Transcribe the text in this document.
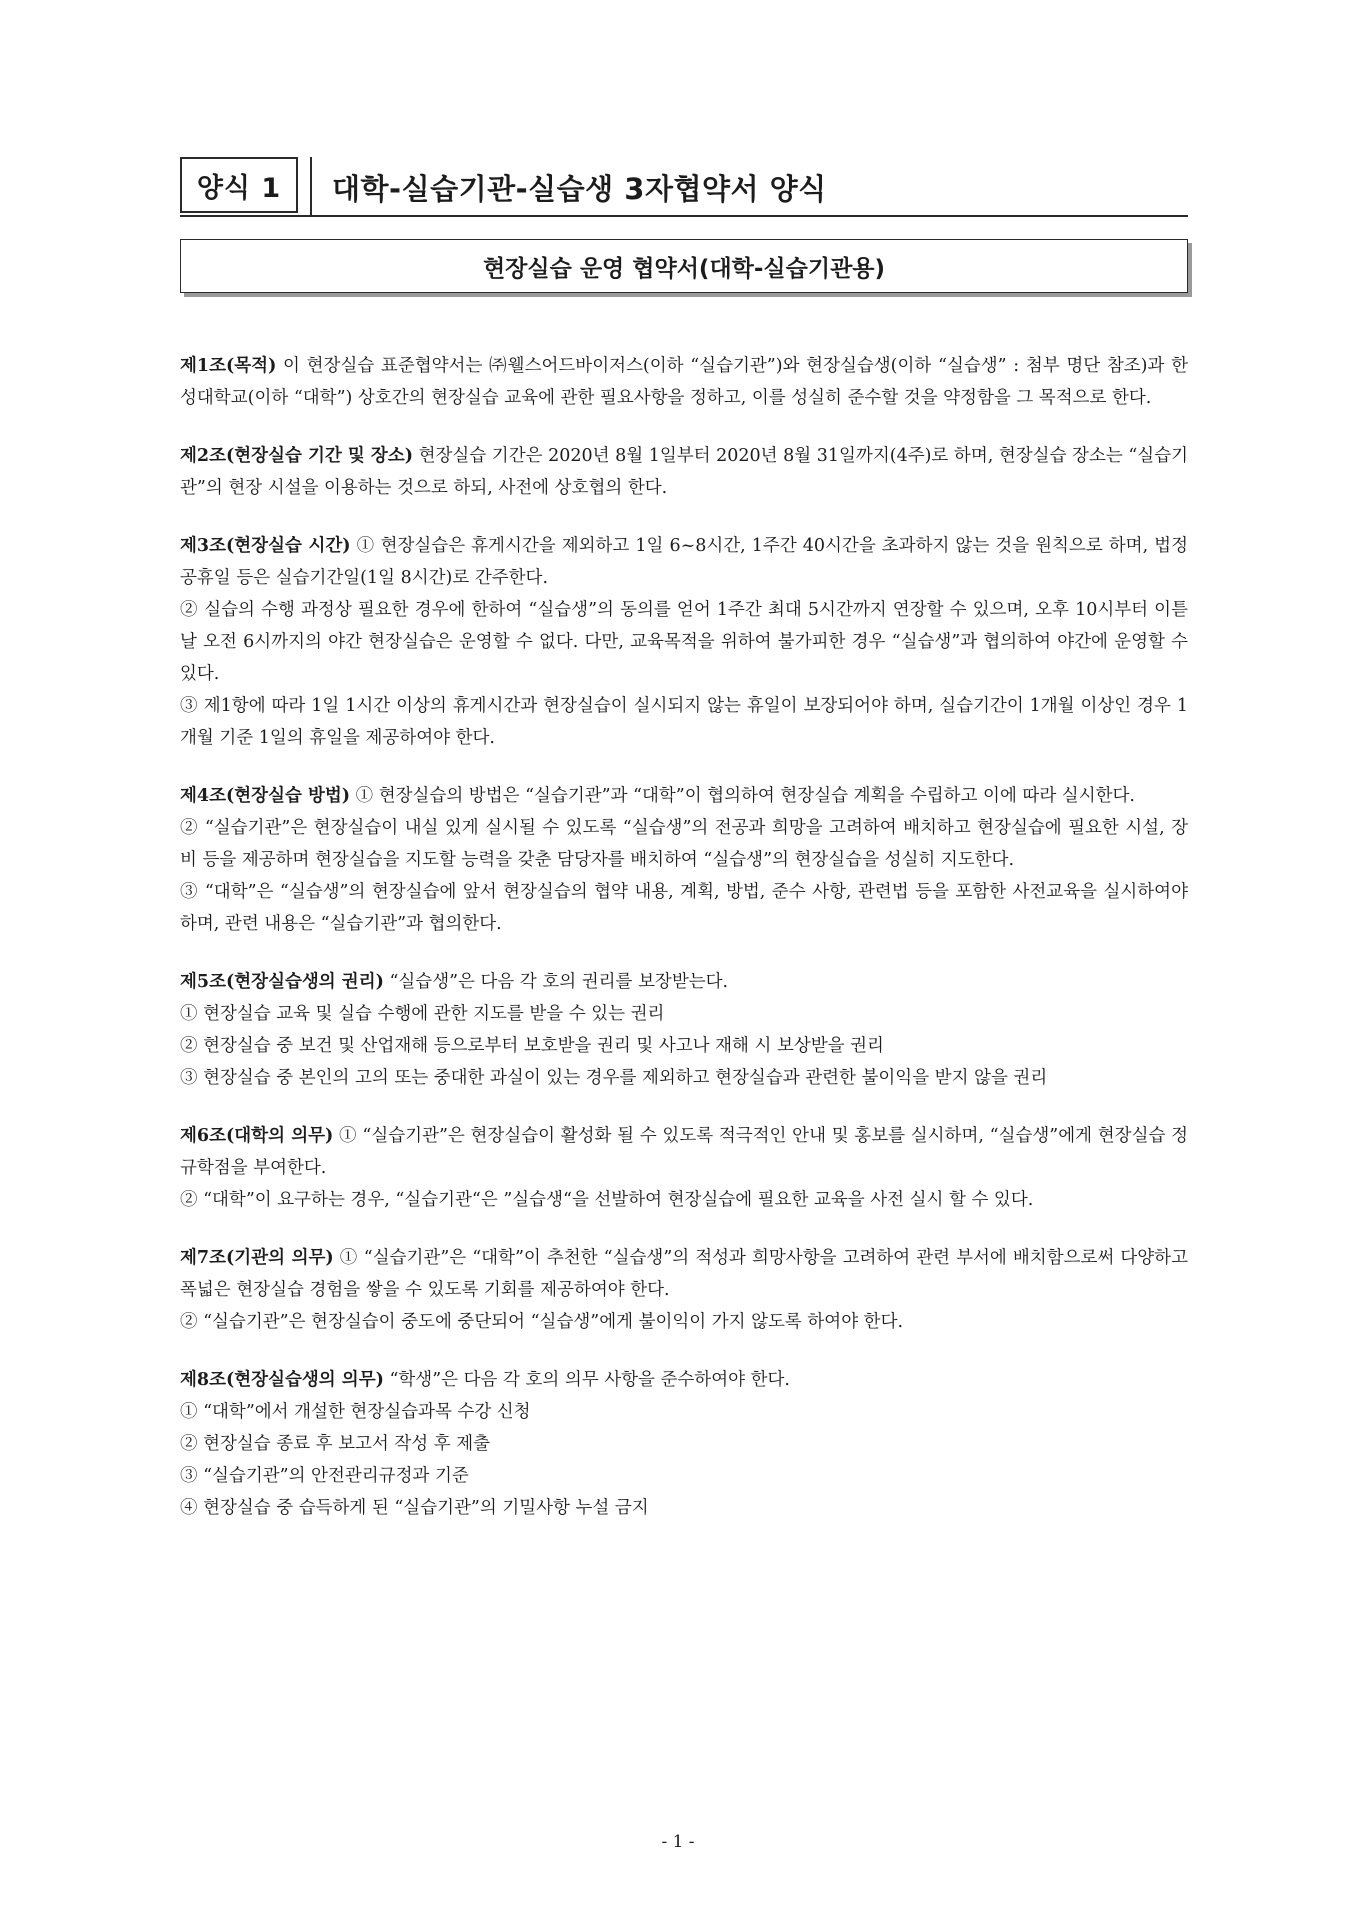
양식 1	대학-실습기관-실습생 3자협약서 양식
현장실습 운영 협약서(대학-실습기관용)

제1조(목적) 이 현장실습 표준협약서는 ㈜웰스어드바이저스(이하 “실습기관”)와 현장실습생(이하 “실습생” : 첨부 명단 참조)과 한성대학교(이하 “대학”) 상호간의 현장실습 교육에 관한 필요사항을 정하고, 이를 성실히 준수할 것을 약정함을 그 목적으로 한다.

제2조(현장실습 기간 및 장소) 현장실습 기간은 2020년 8월 1일부터 2020년 8월 31일까지(4주)로 하며, 현장실습 장소는 “실습기관”의 현장 시설을 이용하는 것으로 하되, 사전에 상호협의 한다.

제3조(현장실습 시간) ① 현장실습은 휴게시간을 제외하고 1일 6~8시간, 1주간 40시간을 초과하지 않는 것을 원칙으로 하며, 법정 공휴일 등은 실습기간일(1일 8시간)로 간주한다.

② 실습의 수행 과정상 필요한 경우에 한하여 “실습생”의 동의를 얻어 1주간 최대 5시간까지 연장할 수 있으며, 오후 10시부터 이튿날 오전 6시까지의 야간 현장실습은 운영할 수 없다. 다만, 교육목적을 위하여 불가피한 경우 “실습생”과 협의하여 야간에 운영할 수 있다.

③ 제1항에 따라 1일 1시간 이상의 휴게시간과 현장실습이 실시되지 않는 휴일이 보장되어야 하며, 실습기간이 1개월 이상인 경우 1개월 기준 1일의 휴일을 제공하여야 한다.

제4조(현장실습 방법) ① 현장실습의 방법은 “실습기관”과 “대학”이 협의하여 현장실습 계획을 수립하고 이에 따라 실시한다.

② “실습기관”은 현장실습이 내실 있게 실시될 수 있도록 “실습생”의 전공과 희망을 고려하여 배치하고 현장실습에 필요한 시설, 장비 등을 제공하며 현장실습을 지도할 능력을 갖춘 담당자를 배치하여 “실습생”의 현장실습을 성실히 지도한다.

③ “대학”은 “실습생”의 현장실습에 앞서 현장실습의 협약 내용, 계획, 방법, 준수 사항, 관련법 등을 포함한 사전교육을 실시하여야 하며, 관련 내용은 “실습기관”과 협의한다.

제5조(현장실습생의 권리) “실습생”은 다음 각 호의 권리를 보장받는다.

① 현장실습 교육 및 실습 수행에 관한 지도를 받을 수 있는 권리

② 현장실습 중 보건 및 산업재해 등으로부터 보호받을 권리 및 사고나 재해 시 보상받을 권리

③ 현장실습 중 본인의 고의 또는 중대한 과실이 있는 경우를 제외하고 현장실습과 관련한 불이익을 받지 않을 권리

제6조(대학의 의무) ① “실습기관”은 현장실습이 활성화 될 수 있도록 적극적인 안내 및 홍보를 실시하며, “실습생”에게 현장실습 정규학점을 부여한다.

② “대학”이 요구하는 경우, “실습기관“은 ”실습생“을 선발하여 현장실습에 필요한 교육을 사전 실시 할 수 있다.

제7조(기관의 의무) ① “실습기관”은 “대학”이 추천한 “실습생”의 적성과 희망사항을 고려하여 관련 부서에 배치함으로써 다양하고 폭넓은 현장실습 경험을 쌓을 수 있도록 기회를 제공하여야 한다.

② “실습기관”은 현장실습이 중도에 중단되어 “실습생”에게 불이익이 가지 않도록 하여야 한다.

제8조(현장실습생의 의무) “학생”은 다음 각 호의 의무 사항을 준수하여야 한다.

① “대학”에서 개설한 현장실습과목 수강 신청

② 현장실습 종료 후 보고서 작성 후 제출

③ “실습기관”의 안전관리규정과 기준

④ 현장실습 중 습득하게 된 “실습기관”의 기밀사항 누설 금지

- 1 -
